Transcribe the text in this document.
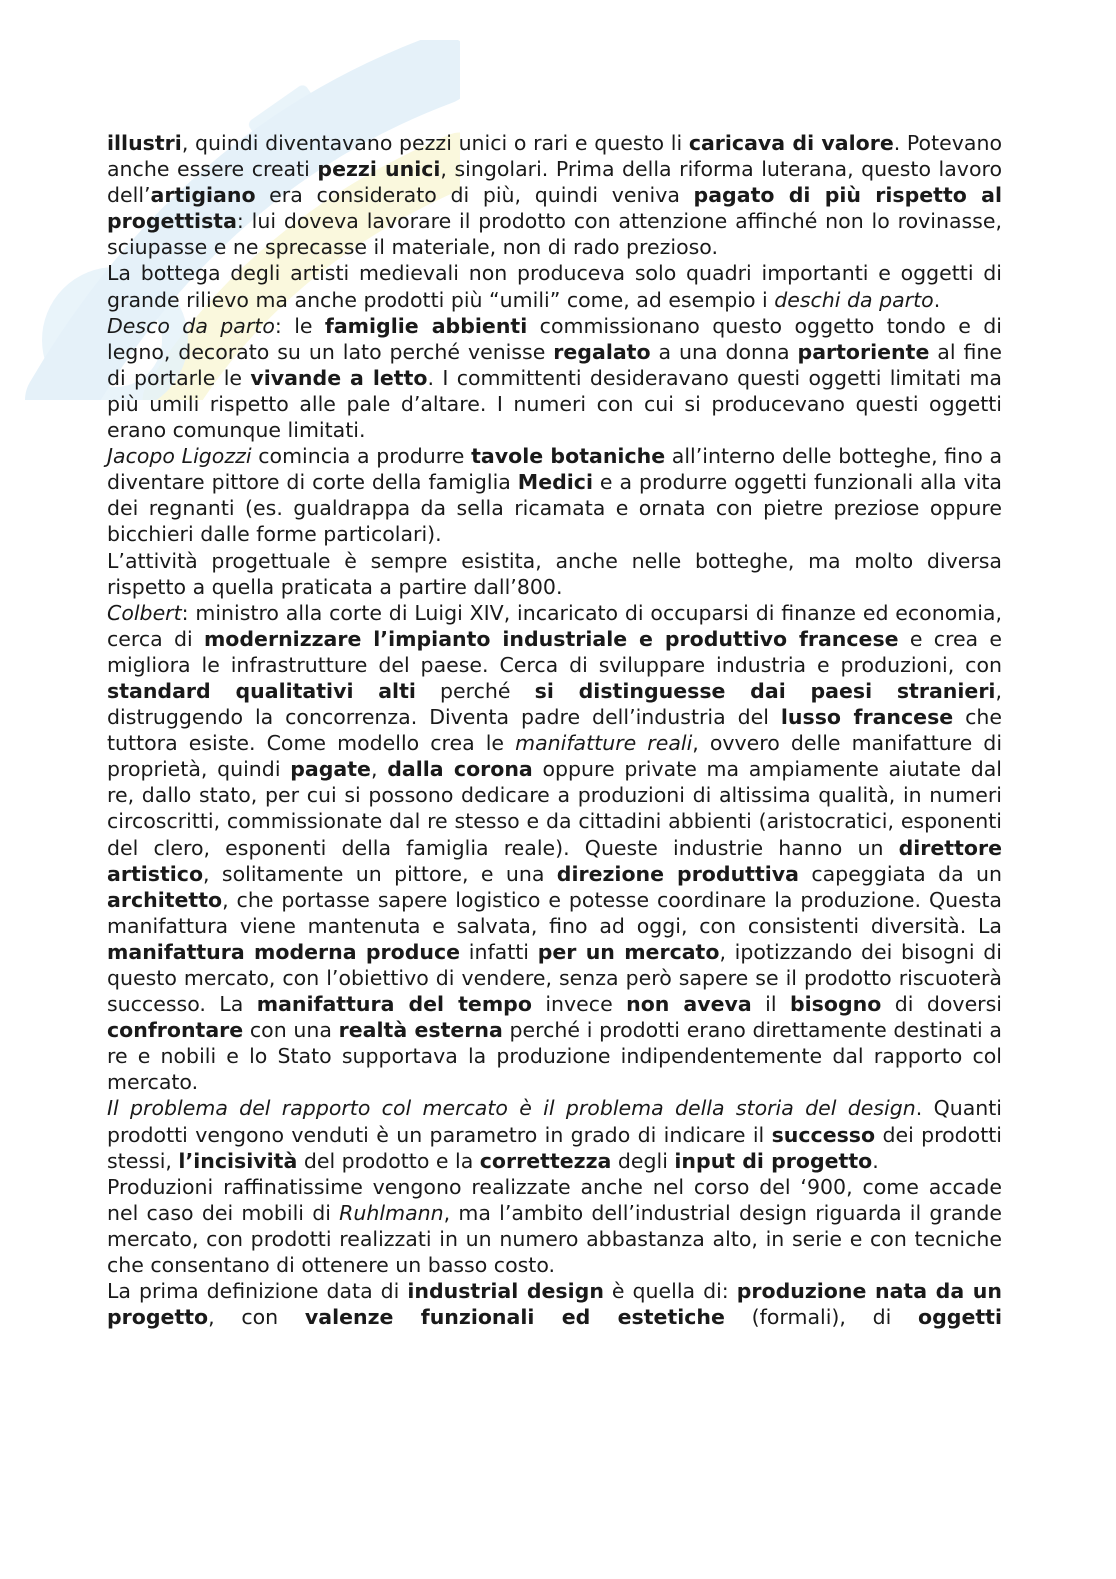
illustri, quindi diventavano pezzi unici o rari e questo li caricava di valore. Potevano anche essere creati pezzi unici, singolari. Prima della riforma luterana, questo lavoro dell’artigiano era considerato di più, quindi veniva pagato di più rispetto al progettista: lui doveva lavorare il prodotto con attenzione affinché non lo rovinasse, sciupasse e ne sprecasse il materiale, non di rado prezioso.

La bottega degli artisti medievali non produceva solo quadri importanti e oggetti di grande rilievo ma anche prodotti più “umili” come, ad esempio i deschi da parto.

Desco da parto: le famiglie abbienti commissionano questo oggetto tondo e di legno, decorato su un lato perché venisse regalato a una donna partoriente al fine di portarle le vivande a letto. I committenti desideravano questi oggetti limitati ma più umili rispetto alle pale d’altare. I numeri con cui si producevano questi oggetti erano comunque limitati.

Jacopo Ligozzi comincia a produrre tavole botaniche all’interno delle botteghe, fino a diventare pittore di corte della famiglia Medici e a produrre oggetti funzionali alla vita dei regnanti (es. gualdrappa da sella ricamata e ornata con pietre preziose oppure bicchieri dalle forme particolari).

L’attività progettuale è sempre esistita, anche nelle botteghe, ma molto diversa rispetto a quella praticata a partire dall’800.

Colbert: ministro alla corte di Luigi XIV, incaricato di occuparsi di finanze ed economia, cerca di modernizzare l’impianto industriale e produttivo francese e crea e migliora le infrastrutture del paese. Cerca di sviluppare industria e produzioni, con standard qualitativi alti perché si distinguesse dai paesi stranieri, distruggendo la concorrenza. Diventa padre dell’industria del lusso francese che tuttora esiste. Come modello crea le manifatture reali, ovvero delle manifatture di proprietà, quindi pagate, dalla corona oppure private ma ampiamente aiutate dal re, dallo stato, per cui si possono dedicare a produzioni di altissima qualità, in numeri circoscritti, commissionate dal re stesso e da cittadini abbienti (aristocratici, esponenti del clero, esponenti della famiglia reale). Queste industrie hanno un direttore artistico, solitamente un pittore, e una direzione produttiva capeggiata da un architetto, che portasse sapere logistico e potesse coordinare la produzione. Questa manifattura viene mantenuta e salvata, fino ad oggi, con consistenti diversità. La manifattura moderna produce infatti per un mercato, ipotizzando dei bisogni di questo mercato, con l’obiettivo di vendere, senza però sapere se il prodotto riscuoterà successo. La manifattura del tempo invece non aveva il bisogno di doversi confrontare con una realtà esterna perché i prodotti erano direttamente destinati a re e nobili e lo Stato supportava la produzione indipendentemente dal rapporto col mercato.

Il problema del rapporto col mercato è il problema della storia del design. Quanti prodotti vengono venduti è un parametro in grado di indicare il successo dei prodotti stessi, l’incisività del prodotto e la correttezza degli input di progetto.

Produzioni raffinatissime vengono realizzate anche nel corso del ‘900, come accade nel caso dei mobili di Ruhlmann, ma l’ambito dell’industrial design riguarda il grande mercato, con prodotti realizzati in un numero abbastanza alto, in serie e con tecniche che consentano di ottenere un basso costo.

La prima definizione data di industrial design è quella di: produzione nata da un progetto, con valenze funzionali ed estetiche (formali), di oggetti
